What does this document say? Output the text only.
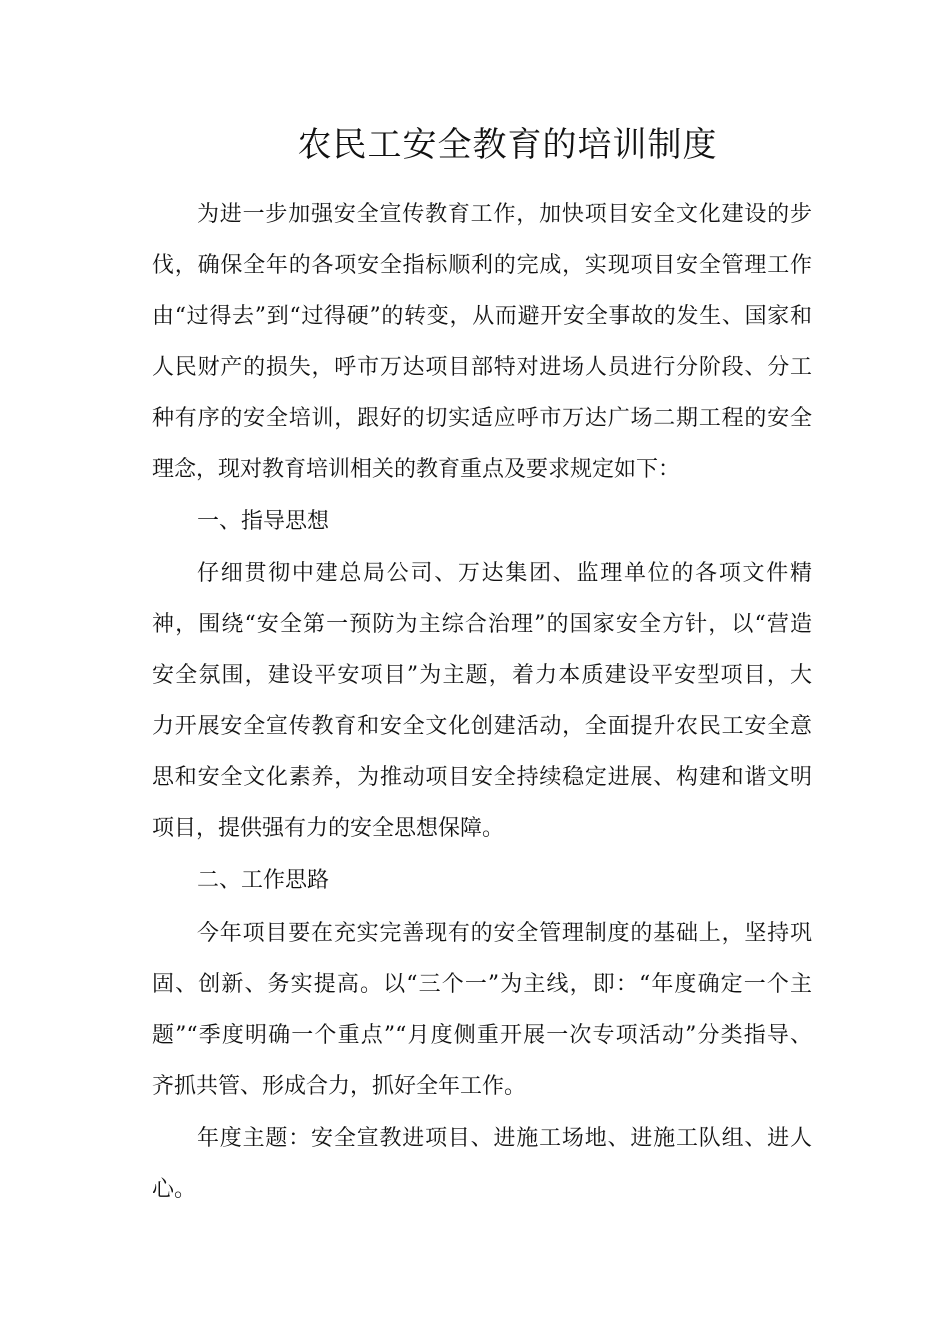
农民工安全教育的培训制度

为进一步加强安全宣传教育工作，加快项目安全文化建设的步

伐，确保全年的各项安全指标顺利的完成，实现项目安全管理工作

由“过得去”到“过得硬”的转变，从而避开安全事故的发生、国家和

人民财产的损失，呼市万达项目部特对进场人员进行分阶段、分工

种有序的安全培训，跟好的切实适应呼市万达广场二期工程的安全

理念，现对教育培训相关的教育重点及要求规定如下：

一、指导思想

仔细贯彻中建总局公司、万达集团、监理单位的各项文件精

神，围绕“安全第一预防为主综合治理”的国家安全方针，以“营造

安全氛围，建设平安项目”为主题，着力本质建设平安型项目，大

力开展安全宣传教育和安全文化创建活动，全面提升农民工安全意

思和安全文化素养，为推动项目安全持续稳定进展、构建和谐文明

项目，提供强有力的安全思想保障。

二、工作思路

今年项目要在充实完善现有的安全管理制度的基础上，坚持巩

固、创新、务实提高。以“三个一”为主线，即：“年度确定一个主

题”“季度明确一个重点”“月度侧重开展一次专项活动”分类指导、

齐抓共管、形成合力，抓好全年工作。

年度主题：安全宣教进项目、进施工场地、进施工队组、进人

心。
